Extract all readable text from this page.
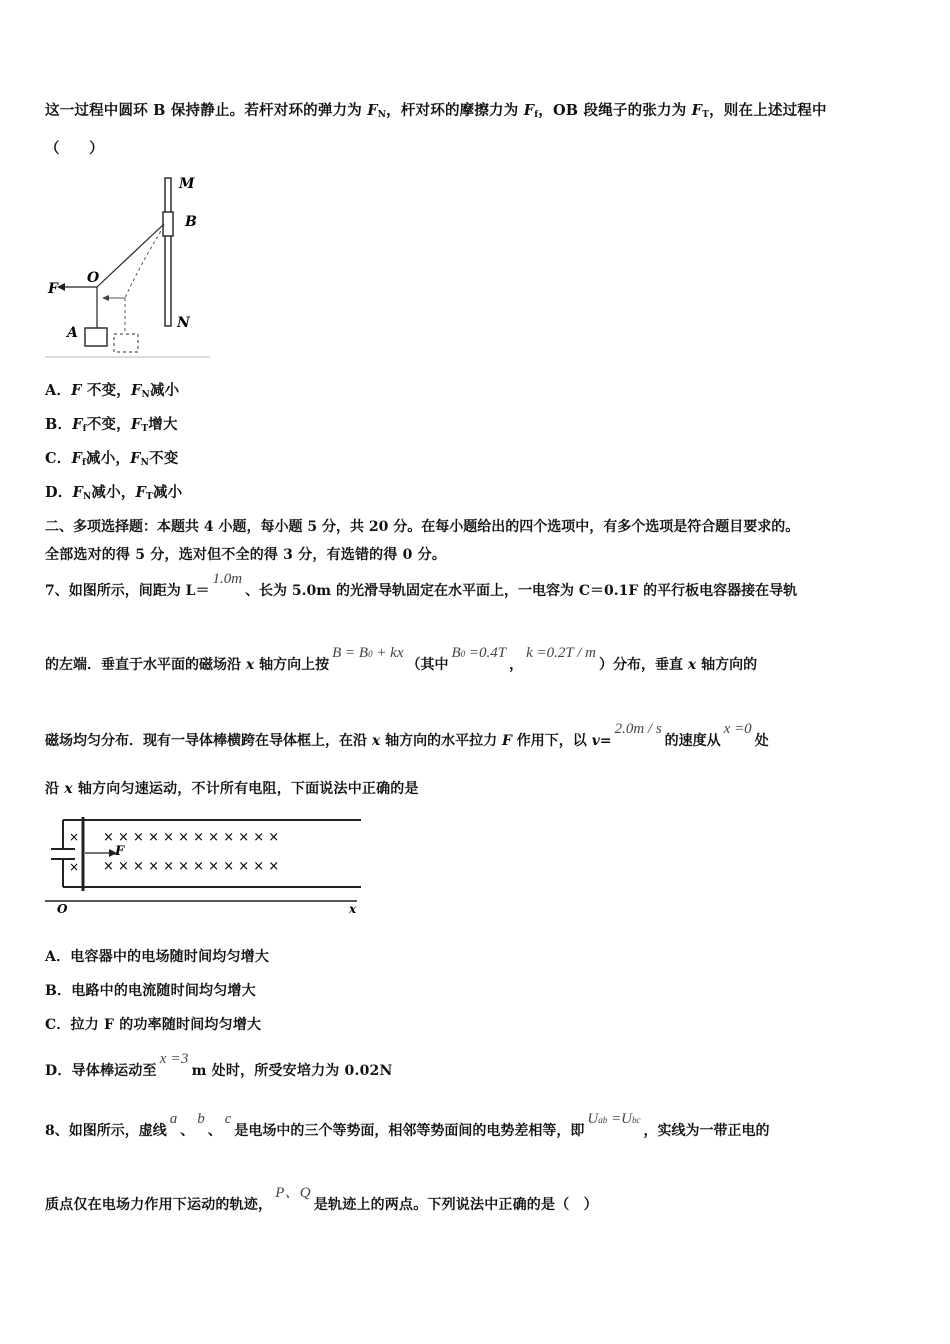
这一过程中圆环 B 保持静止。若杆对环的弹力为 $F_N$，杆对环的摩擦力为 $F_f$，OB 段绳子的张力为 $F_T$，则在上述过程中
（　　）
M
B
O
F
N
A
A．F 不变，$F_N$减小
B．$F_f$不变，$F_T$增大
C．$F_f$减小，$F_N$不变
D．$F_N$减小，$F_T$减小
二、多项选择题：本题共 4 小题，每小题 5 分，共 20 分。在每小题给出的四个选项中，有多个选项是符合题目要求的。
全部选对的得 5 分，选对但不全的得 3 分，有选错的得 0 分。
7、如图所示，间距为 L＝1.0m、长为 5.0m 的光滑导轨固定在水平面上，一电容为 C＝0.1F 的平行板电容器接在导轨
的左端．垂直于水平面的磁场沿 x 轴方向上按B = B0 + kx（其中B0 =0.4T，k =0.2T / m）分布，垂直 x 轴方向的
磁场均匀分布．现有一导体棒横跨在导体框上，在沿 x 轴方向的水平拉力 F 作用下，以 v=2.0m / s的速度从x =0处
沿 x 轴方向匀速运动，不计所有电阻，下面说法中正确的是
F
×
×
× × × × × × × × × × × ×
× × × × × × × × × × × ×
O	x
A．电容器中的电场随时间均匀增大
B．电路中的电流随时间均匀增大
C．拉力 F 的功率随时间均匀增大
D．导体棒运动至x =3m 处时，所受安培力为 0.02N
8、如图所示，虚线a、b、c是电场中的三个等势面，相邻等势面间的电势差相等，即Uab =Ubc，实线为一带正电的
质点仅在电场力作用下运动的轨迹，P、Q是轨迹上的两点。下列说法中正确的是（　）
